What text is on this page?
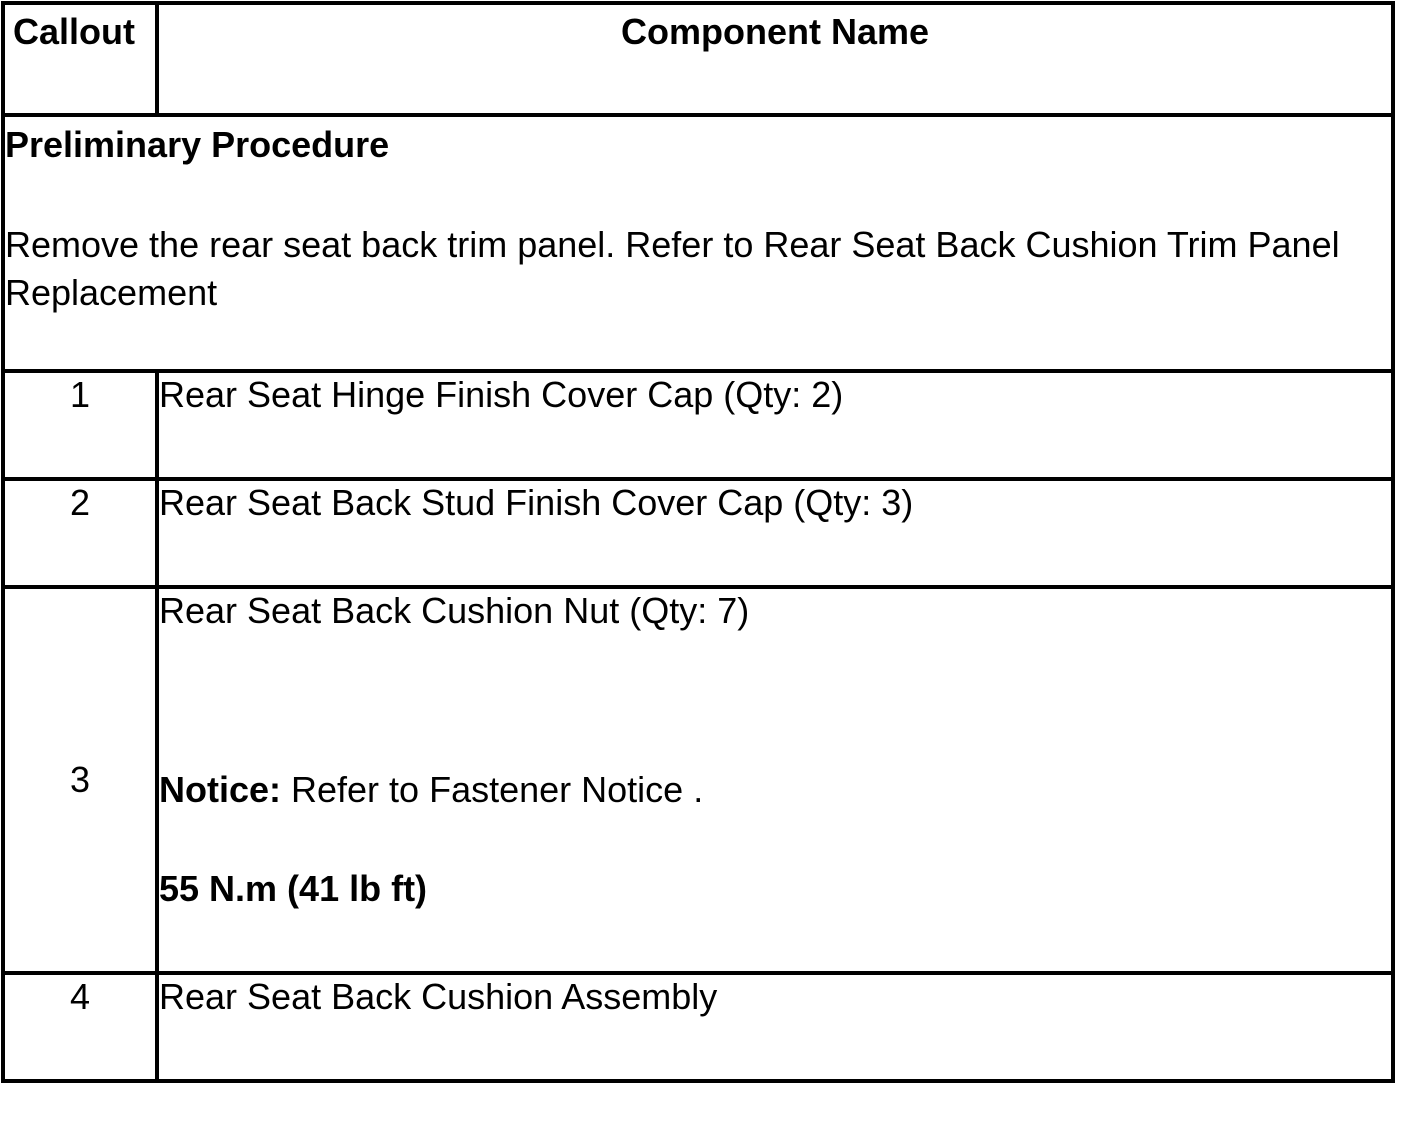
Callout	Component Name

Preliminary Procedure
Remove the rear seat back trim panel. Refer to Rear Seat Back Cushion Trim Panel Replacement	

1	Rear Seat Hinge Finish Cover Cap (Qty: 2)
2	Rear Seat Back Stud Finish Cover Cap (Qty: 3)
3	Rear Seat Back Cushion Nut (Qty: 7)
Notice: Refer to Fastener Notice .
55 N.m (41 lb ft)

4	Rear Seat Back Cushion Assembly
